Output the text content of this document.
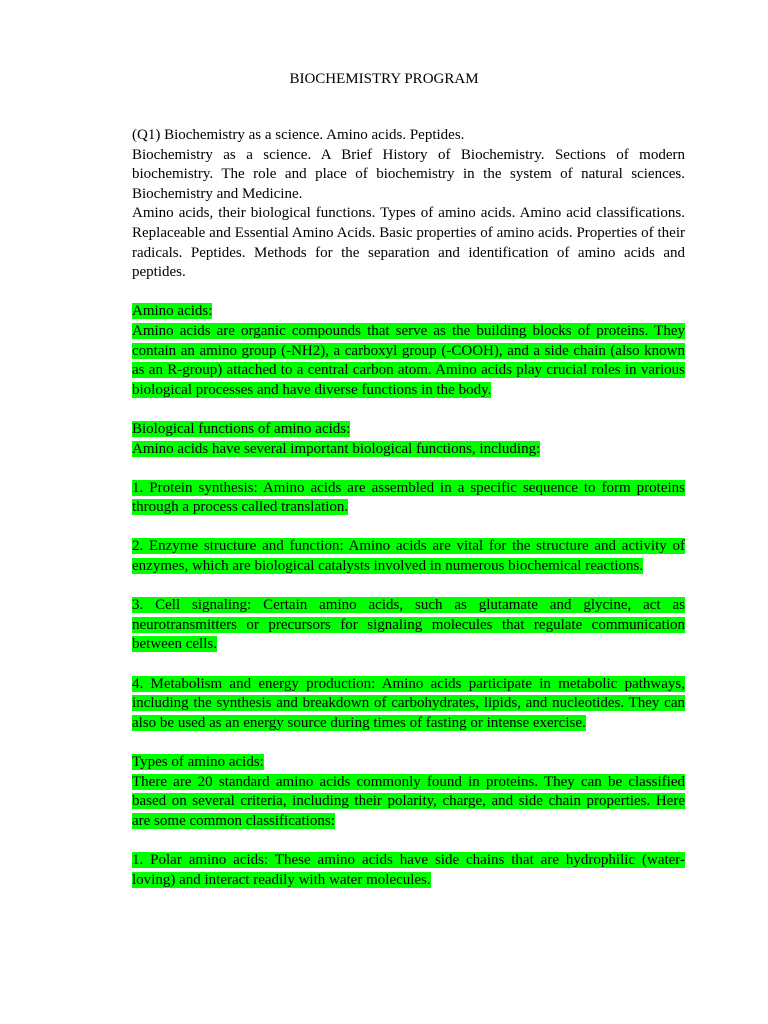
BIOCHEMISTRY PROGRAM

(Q1) Biochemistry as a science. Amino acids. Peptides.

Biochemistry as a science. A Brief History of Biochemistry. Sections of modern biochemistry. The role and place of biochemistry in the system of natural sciences. Biochemistry and Medicine.

Amino acids, their biological functions. Types of amino acids. Amino acid classifications. Replaceable and Essential Amino Acids. Basic properties of amino acids. Properties of their radicals. Peptides. Methods for the separation and identification of amino acids and peptides.

Amino acids:

Amino acids are organic compounds that serve as the building blocks of proteins. They contain an amino group (-NH2), a carboxyl group (-COOH), and a side chain (also known as an R-group) attached to a central carbon atom. Amino acids play crucial roles in various biological processes and have diverse functions in the body.

Biological functions of amino acids:

Amino acids have several important biological functions, including:

1. Protein synthesis: Amino acids are assembled in a specific sequence to form proteins through a process called translation.

2. Enzyme structure and function: Amino acids are vital for the structure and activity of enzymes, which are biological catalysts involved in numerous biochemical reactions.

3. Cell signaling: Certain amino acids, such as glutamate and glycine, act as neurotransmitters or precursors for signaling molecules that regulate communication between cells.

4. Metabolism and energy production: Amino acids participate in metabolic pathways, including the synthesis and breakdown of carbohydrates, lipids, and nucleotides. They can also be used as an energy source during times of fasting or intense exercise.

Types of amino acids:

There are 20 standard amino acids commonly found in proteins. They can be classified based on several criteria, including their polarity, charge, and side chain properties. Here are some common classifications:

1. Polar amino acids: These amino acids have side chains that are hydrophilic (water-loving) and interact readily with water molecules.
